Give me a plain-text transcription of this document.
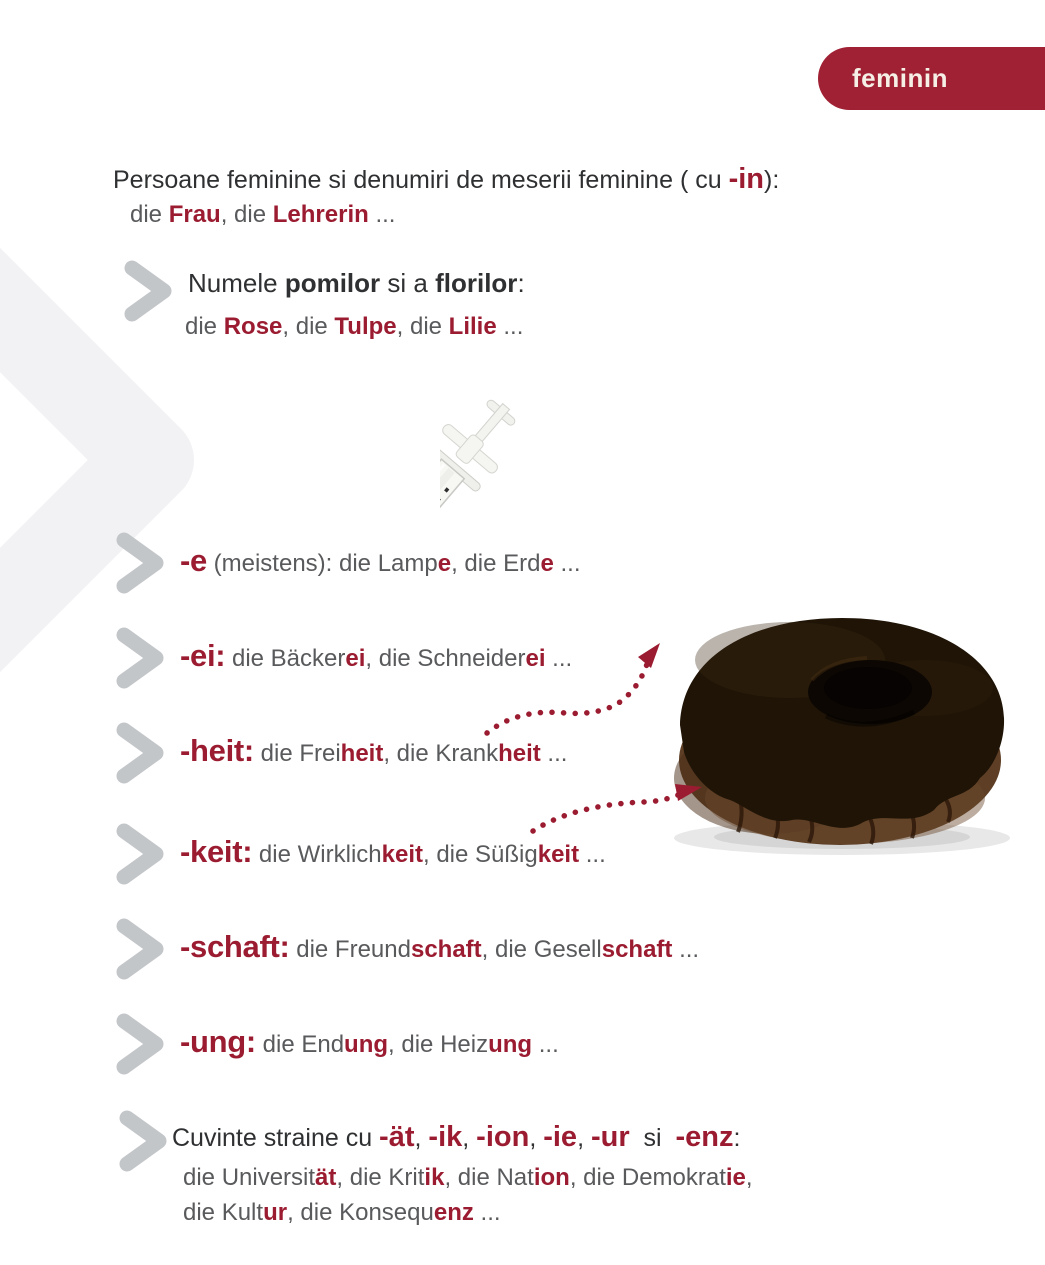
feminin
Persoane feminine si denumiri de meserii feminine ( cu -in):
die Frau, die Lehrerin ...
Numele pomilor si a florilor:
die Rose, die Tulpe, die Lilie ...
-e (meistens): die Lampe, die Erde ...
-ei: die Bäckerei, die Schneiderei ...
-heit: die Freiheit, die Krankheit ...
-keit: die Wirklichkeit, die Süßigkeit ...
-schaft: die Freundschaft, die Gesellschaft ...
-ung: die Endung, die Heizung ...
Cuvinte straine cu -ät, -ik, -ion, -ie, -ur  si  -enz:
die Universität, die Kritik, die Nation, die Demokratie,
die Kultur, die Konsequenz ...
